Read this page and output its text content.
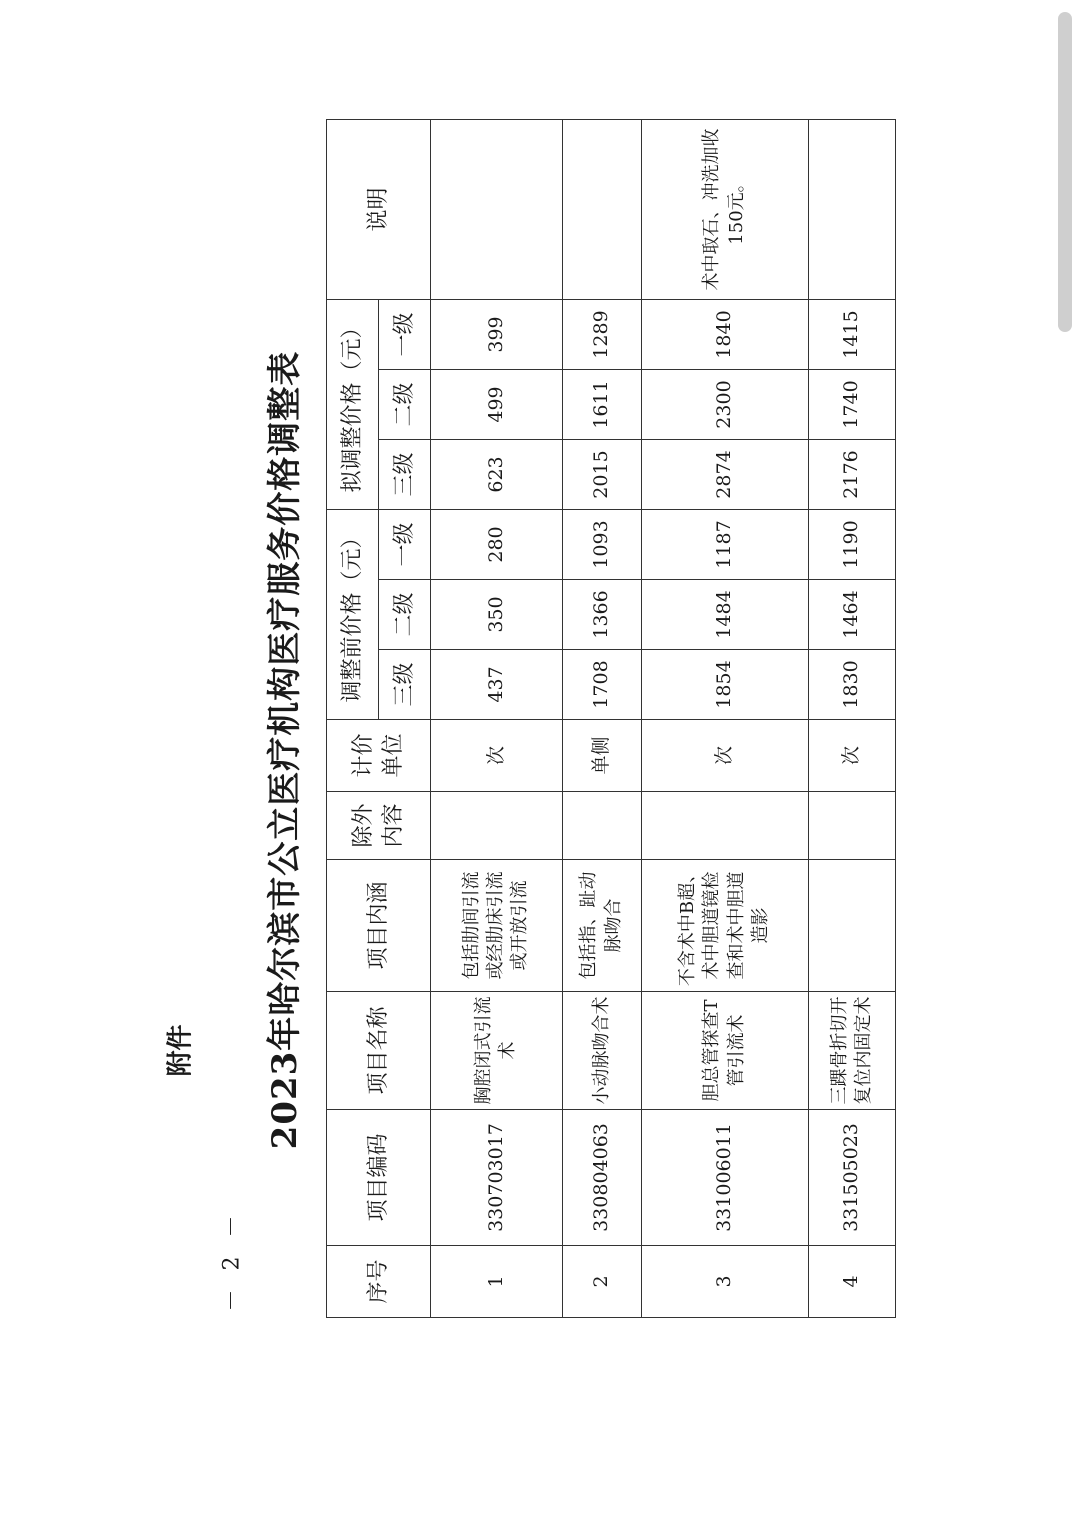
附件
－ 2 －
2023年哈尔滨市公立医疗机构医疗服务价格调整表
序号	项目编码	项目名称	项目内涵	除外内容	计价单位	调整前价格（元）			拟调整价格（元）			说明
						三级	二级	一级	三级	二级	一级	
1	330703017	胸腔闭式引流术	包括肋间引流或经肋床引流或开放引流		次	437	350	280	623	499	399	
2	330804063	小动脉吻合术	包括指、趾动脉吻合		单侧	1708	1366	1093	2015	1611	1289	
3	331006011	胆总管探查T管引流术	不含术中B超、术中胆道镜检查和术中胆道造影		次	1854	1484	1187	2874	2300	1840	术中取石、冲洗加收150元。
4	331505023	三踝骨折切开复位内固定术			次	1830	1464	1190	2176	1740	1415	
